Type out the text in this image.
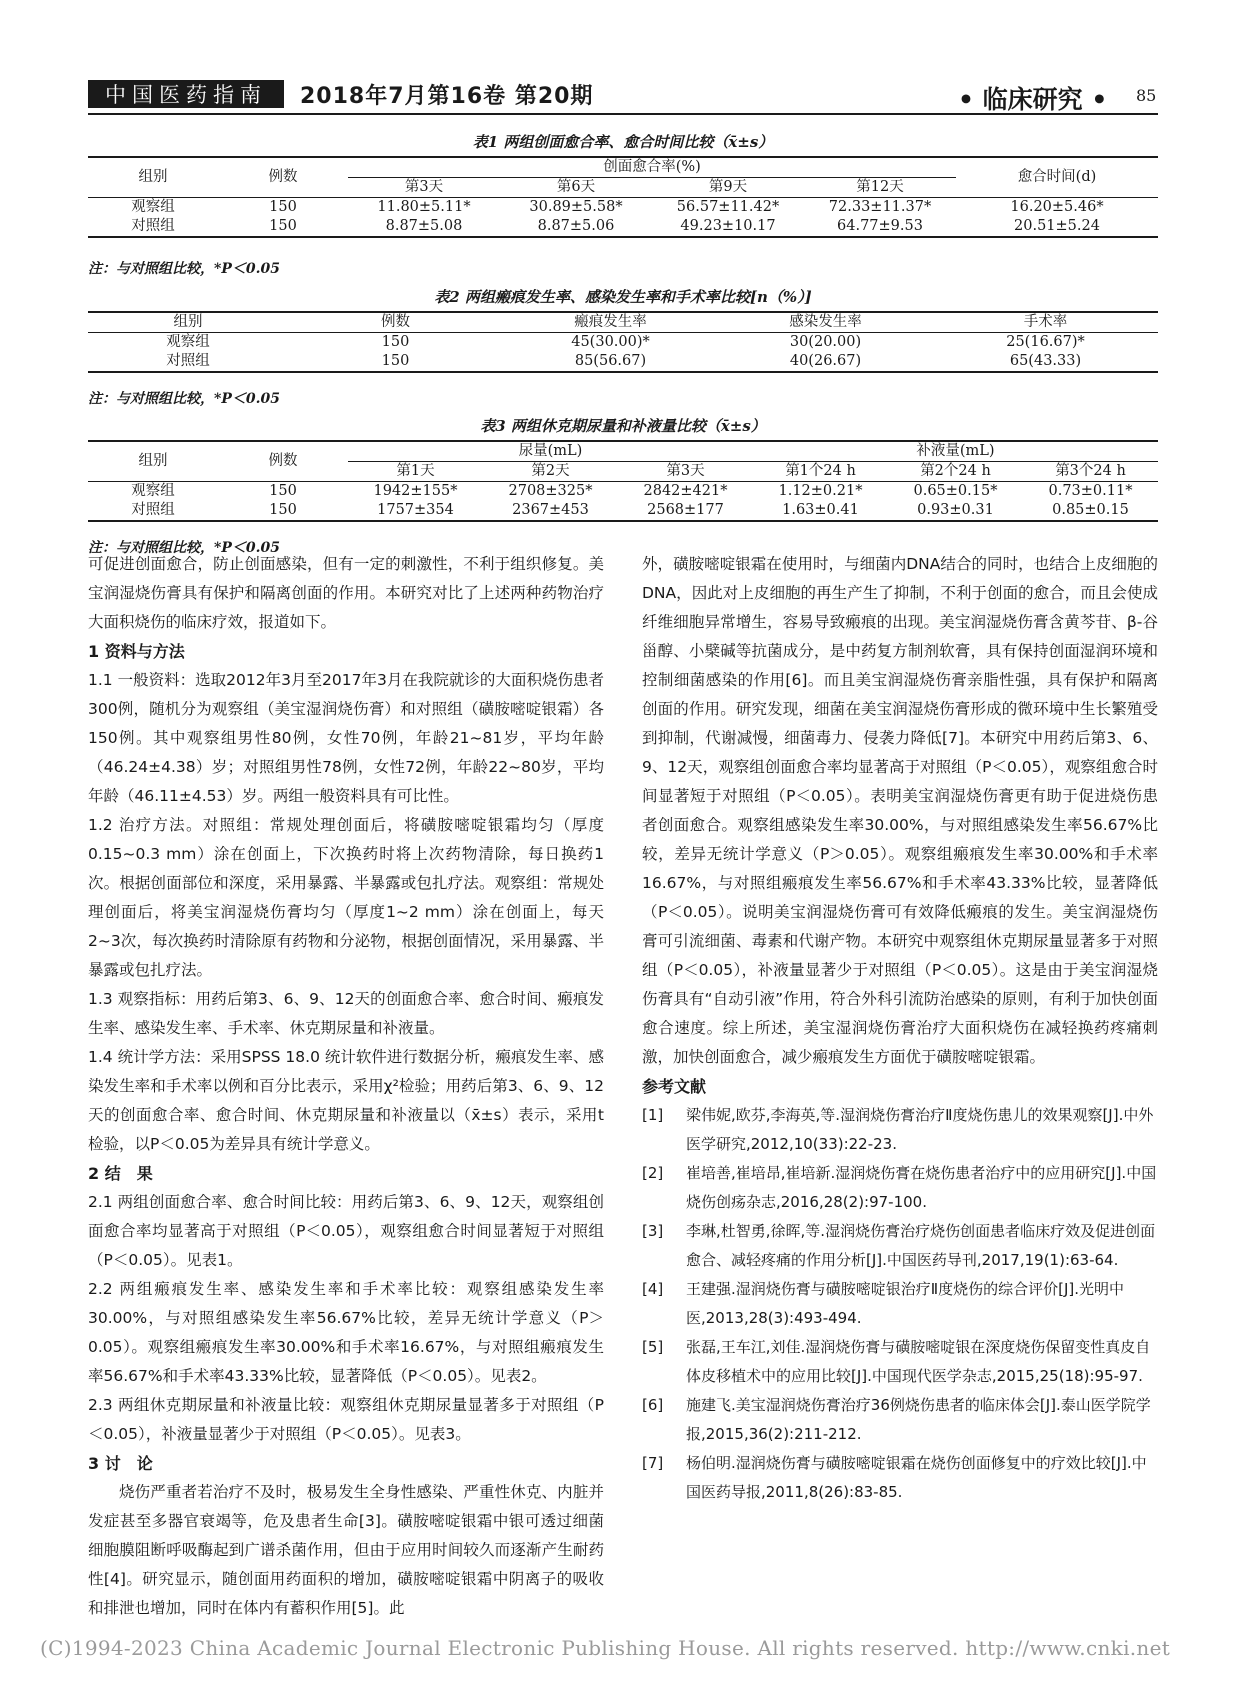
中国医药指南	2018年7月第16卷 第20期	• 临床研究 • 85
表1 两组创面愈合率、愈合时间比较（x̄±s）
组别	例数	创面愈合率(%)				愈合时间(d)
		第3天	第6天	第9天	第12天	
观察组	150	11.80±5.11*	30.89±5.58*	56.57±11.42*	72.33±11.37*	16.20±5.46*
对照组	150	8.87±5.08	8.87±5.06	49.23±10.17	64.77±9.53	20.51±5.24
注：与对照组比较，*P＜0.05
表2 两组瘢痕发生率、感染发生率和手术率比较[n（%）]
组别	例数	瘢痕发生率	感染发生率	手术率
观察组	150	45(30.00)*	30(20.00)	25(16.67)*
对照组	150	85(56.67)	40(26.67)	65(43.33)
注：与对照组比较，*P＜0.05
表3 两组休克期尿量和补液量比较（x̄±s）
组别	例数	尿量(mL)			补液量(mL)		
		第1天	第2天	第3天	第1个24 h	第2个24 h	第3个24 h
观察组	150	1942±155*	2708±325*	2842±421*	1.12±0.21*	0.65±0.15*	0.73±0.11*
对照组	150	1757±354	2367±453	2568±177	1.63±0.41	0.93±0.31	0.85±0.15
注：与对照组比较，*P＜0.05

可促进创面愈合，防止创面感染，但有一定的刺激性，不利于组织修复。美宝润湿烧伤膏具有保护和隔离创面的作用。本研究对比了上述两种药物治疗大面积烧伤的临床疗效，报道如下。

1 资料与方法

1.1 一般资料：选取2012年3月至2017年3月在我院就诊的大面积烧伤患者300例，随机分为观察组（美宝湿润烧伤膏）和对照组（磺胺嘧啶银霜）各150例。其中观察组男性80例，女性70例，年龄21~81岁，平均年龄（46.24±4.38）岁；对照组男性78例，女性72例，年龄22~80岁，平均年龄（46.11±4.53）岁。两组一般资料具有可比性。

1.2 治疗方法。对照组：常规处理创面后，将磺胺嘧啶银霜均匀（厚度0.15~0.3 mm）涂在创面上，下次换药时将上次药物清除，每日换药1次。根据创面部位和深度，采用暴露、半暴露或包扎疗法。观察组：常规处理创面后，将美宝润湿烧伤膏均匀（厚度1~2 mm）涂在创面上，每天2~3次，每次换药时清除原有药物和分泌物，根据创面情况，采用暴露、半暴露或包扎疗法。

1.3 观察指标：用药后第3、6、9、12天的创面愈合率、愈合时间、瘢痕发生率、感染发生率、手术率、休克期尿量和补液量。

1.4 统计学方法：采用SPSS 18.0 统计软件进行数据分析，瘢痕发生率、感染发生率和手术率以例和百分比表示，采用χ²检验；用药后第3、6、9、12天的创面愈合率、愈合时间、休克期尿量和补液量以（x̄±s）表示，采用t检验，以P＜0.05为差异具有统计学意义。

2 结　果

2.1 两组创面愈合率、愈合时间比较：用药后第3、6、9、12天，观察组创面愈合率均显著高于对照组（P＜0.05），观察组愈合时间显著短于对照组（P＜0.05）。见表1。

2.2 两组瘢痕发生率、感染发生率和手术率比较：观察组感染发生率30.00%，与对照组感染发生率56.67%比较，差异无统计学意义（P＞0.05）。观察组瘢痕发生率30.00%和手术率16.67%，与对照组瘢痕发生率56.67%和手术率43.33%比较，显著降低（P＜0.05）。见表2。

2.3 两组休克期尿量和补液量比较：观察组休克期尿量显著多于对照组（P＜0.05），补液量显著少于对照组（P＜0.05）。见表3。

3 讨　论

烧伤严重者若治疗不及时，极易发生全身性感染、严重性休克、内脏并发症甚至多器官衰竭等，危及患者生命[3]。磺胺嘧啶银霜中银可透过细菌细胞膜阻断呼吸酶起到广谱杀菌作用，但由于应用时间较久而逐渐产生耐药性[4]。研究显示，随创面用药面积的增加，磺胺嘧啶银霜中阴离子的吸收和排泄也增加，同时在体内有蓄积作用[5]。此

外，磺胺嘧啶银霜在使用时，与细菌内DNA结合的同时，也结合上皮细胞的DNA，因此对上皮细胞的再生产生了抑制，不利于创面的愈合，而且会使成纤维细胞异常增生，容易导致瘢痕的出现。美宝润湿烧伤膏含黄芩苷、β-谷甾醇、小檗碱等抗菌成分，是中药复方制剂软膏，具有保持创面湿润环境和控制细菌感染的作用[6]。而且美宝润湿烧伤膏亲脂性强，具有保护和隔离创面的作用。研究发现，细菌在美宝润湿烧伤膏形成的微环境中生长繁殖受到抑制，代谢减慢，细菌毒力、侵袭力降低[7]。本研究中用药后第3、6、9、12天，观察组创面愈合率均显著高于对照组（P＜0.05），观察组愈合时间显著短于对照组（P＜0.05）。表明美宝润湿烧伤膏更有助于促进烧伤患者创面愈合。观察组感染发生率30.00%，与对照组感染发生率56.67%比较，差异无统计学意义（P＞0.05）。观察组瘢痕发生率30.00%和手术率16.67%，与对照组瘢痕发生率56.67%和手术率43.33%比较，显著降低（P＜0.05）。说明美宝润湿烧伤膏可有效降低瘢痕的发生。美宝润湿烧伤膏可引流细菌、毒素和代谢产物。本研究中观察组休克期尿量显著多于对照组（P＜0.05），补液量显著少于对照组（P＜0.05）。这是由于美宝润湿烧伤膏具有“自动引液”作用，符合外科引流防治感染的原则，有利于加快创面愈合速度。综上所述，美宝湿润烧伤膏治疗大面积烧伤在减轻换药疼痛刺激，加快创面愈合，减少瘢痕发生方面优于磺胺嘧啶银霜。

参考文献

[1]	梁伟妮,欧芬,李海英,等.湿润烧伤膏治疗Ⅱ度烧伤患儿的效果观察[J].中外医学研究,2012,10(33):22-23.
[2]	崔培善,崔培昂,崔培新.湿润烧伤膏在烧伤患者治疗中的应用研究[J].中国烧伤创疡杂志,2016,28(2):97-100.
[3]	李琳,杜智勇,徐晖,等.湿润烧伤膏治疗烧伤创面患者临床疗效及促进创面愈合、减轻疼痛的作用分析[J].中国医药导刊,2017,19(1):63-64.
[4]	王建强.湿润烧伤膏与磺胺嘧啶银治疗Ⅱ度烧伤的综合评价[J].光明中医,2013,28(3):493-494.
[5]	张磊,王车江,刘佳.湿润烧伤膏与磺胺嘧啶银在深度烧伤保留变性真皮自体皮移植术中的应用比较[J].中国现代医学杂志,2015,25(18):95-97.
[6]	施建飞.美宝湿润烧伤膏治疗36例烧伤患者的临床体会[J].泰山医学院学报,2015,36(2):211-212.
[7]	杨伯明.湿润烧伤膏与磺胺嘧啶银霜在烧伤创面修复中的疗效比较[J].中国医药导报,2011,8(26):83-85.
(C)1994-2023 China Academic Journal Electronic Publishing House. All rights reserved. http://www.cnki.net
